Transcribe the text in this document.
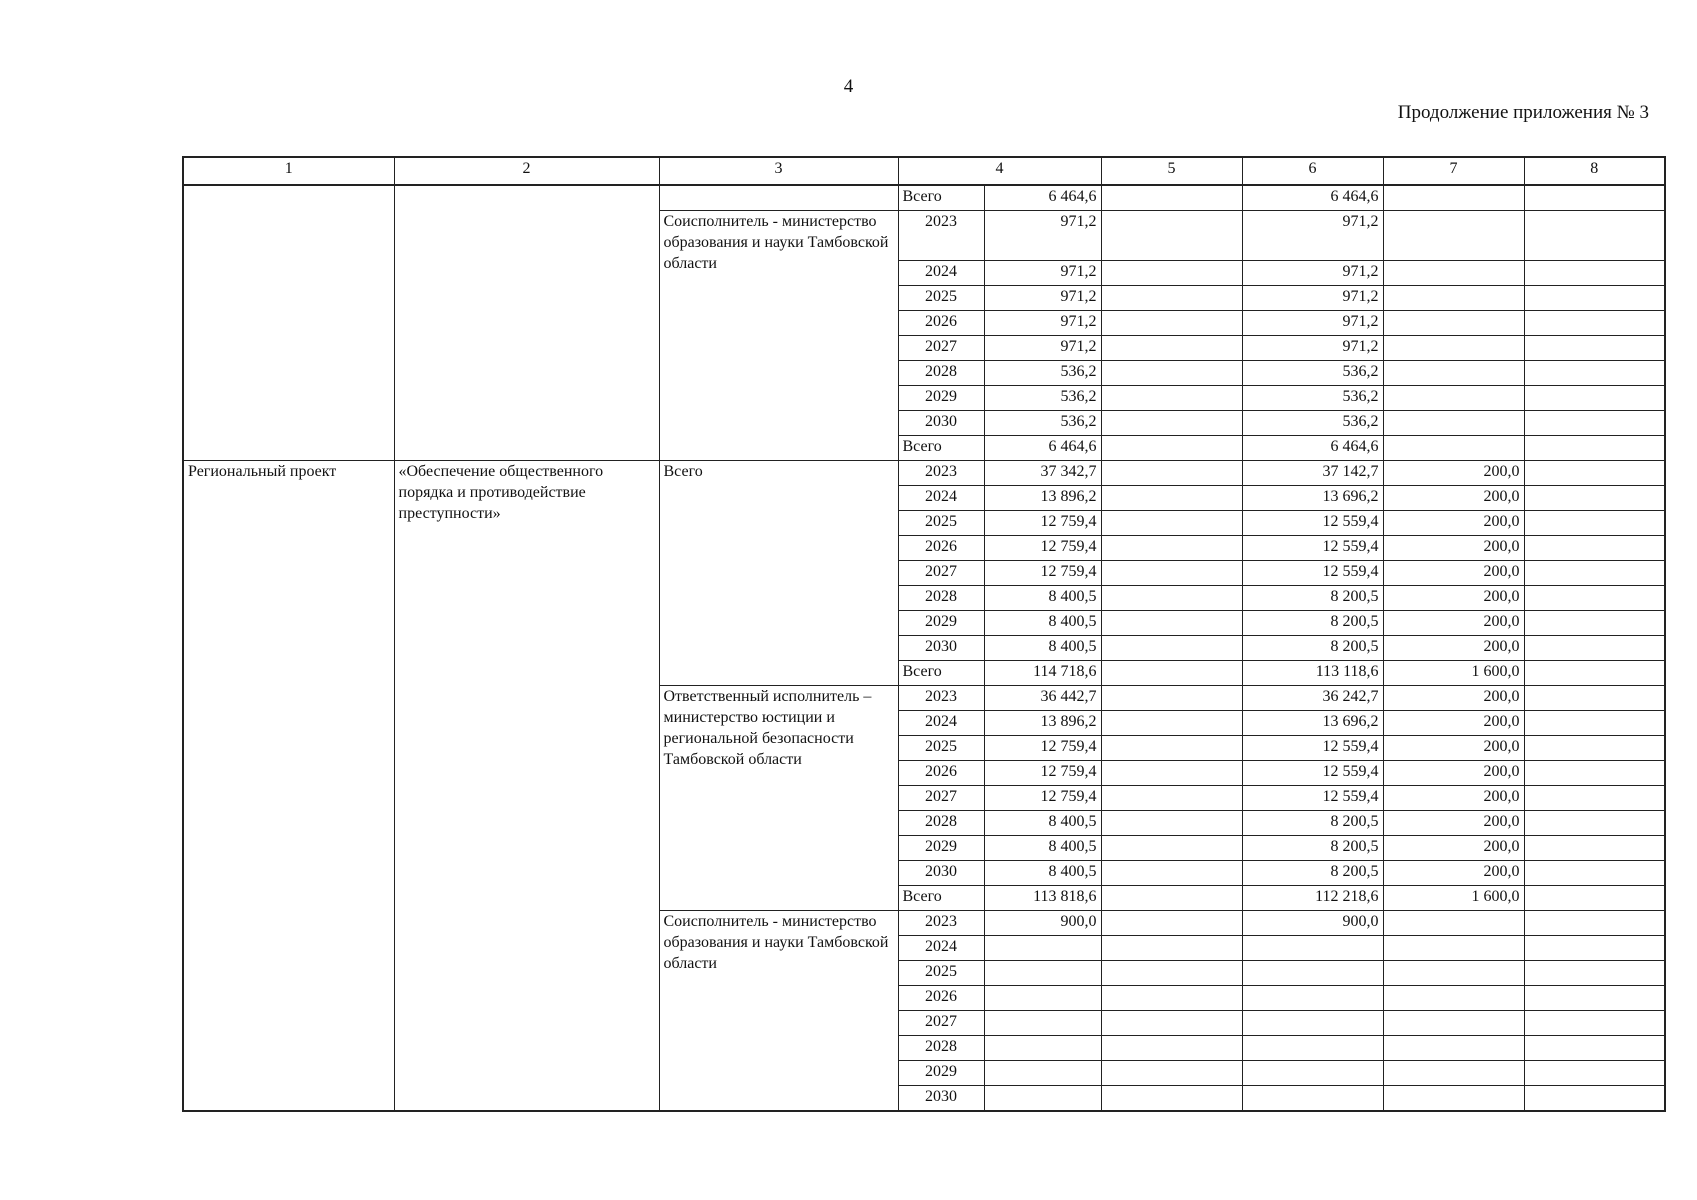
4
Продолжение приложения № 3
1	2	3	4		5	6	7	8
			Всего	6 464,6		6 464,6		
		Соисполнитель - министерство образования и науки Тамбовской области	2023	971,2		971,2		
			2024	971,2		971,2		
			2025	971,2		971,2		
			2026	971,2		971,2		
			2027	971,2		971,2		
			2028	536,2		536,2		
			2029	536,2		536,2		
			2030	536,2		536,2		
			Всего	6 464,6		6 464,6		
Региональный проект	«Обеспечение общественного порядка и противодействие преступности»	Всего	2023	37 342,7		37 142,7	200,0	
			2024	13 896,2		13 696,2	200,0	
			2025	12 759,4		12 559,4	200,0	
			2026	12 759,4		12 559,4	200,0	
			2027	12 759,4		12 559,4	200,0	
			2028	8 400,5		8 200,5	200,0	
			2029	8 400,5		8 200,5	200,0	
			2030	8 400,5		8 200,5	200,0	
			Всего	114 718,6		113 118,6	1 600,0	
		Ответственный исполнитель – министерство юстиции и региональной безопасности Тамбовской области	2023	36 442,7		36 242,7	200,0	
			2024	13 896,2		13 696,2	200,0	
			2025	12 759,4		12 559,4	200,0	
			2026	12 759,4		12 559,4	200,0	
			2027	12 759,4		12 559,4	200,0	
			2028	8 400,5		8 200,5	200,0	
			2029	8 400,5		8 200,5	200,0	
			2030	8 400,5		8 200,5	200,0	
			Всего	113 818,6		112 218,6	1 600,0	
		Соисполнитель - министерство образования и науки Тамбовской области	2023	900,0		900,0		
			2024					
			2025					
			2026					
			2027					
			2028					
			2029					
			2030					
